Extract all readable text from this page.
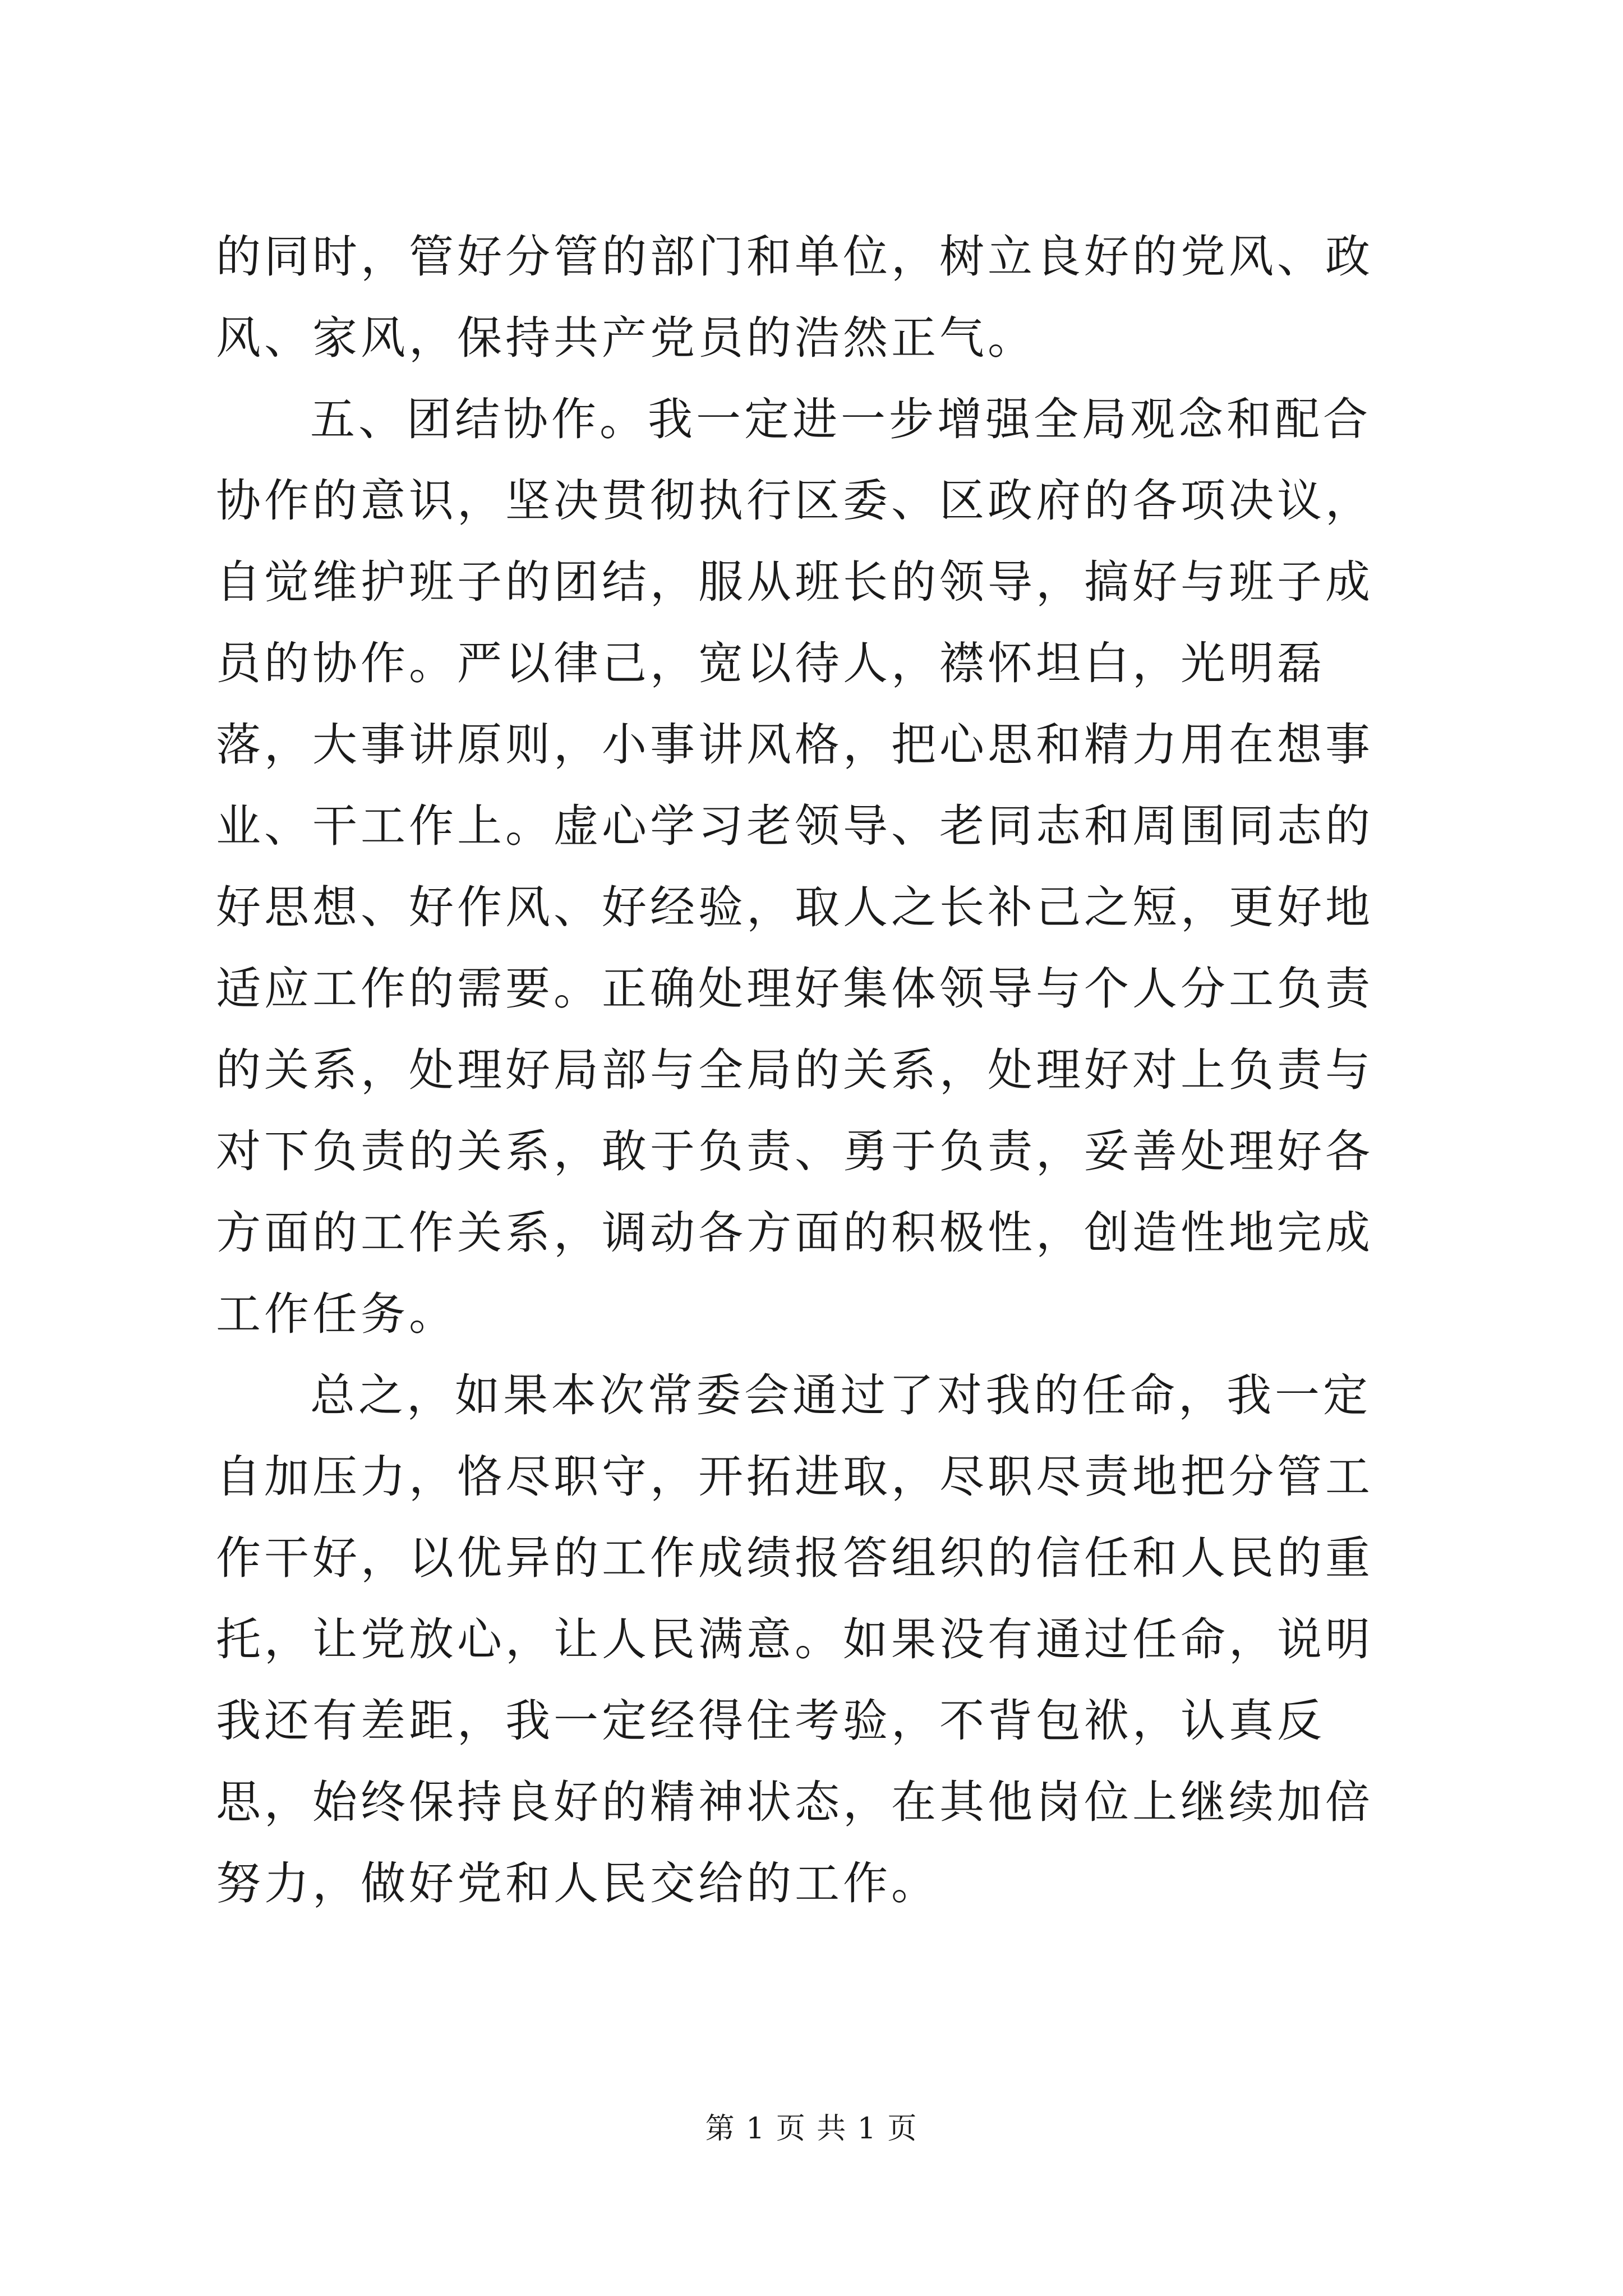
的同时，管好分管的部门和单位，树立良好的党风、政风、家风，保持共产党员的浩然正气。

五、团结协作。我一定进一步增强全局观念和配合协作的意识，坚决贯彻执行区委、区政府的各项决议，自觉维护班子的团结，服从班长的领导，搞好与班子成员的协作。严以律己，宽以待人，襟怀坦白，光明磊落，大事讲原则，小事讲风格，把心思和精力用在想事业、干工作上。虚心学习老领导、老同志和周围同志的好思想、好作风、好经验，取人之长补己之短，更好地适应工作的需要。正确处理好集体领导与个人分工负责的关系，处理好局部与全局的关系，处理好对上负责与对下负责的关系，敢于负责、勇于负责，妥善处理好各方面的工作关系，调动各方面的积极性，创造性地完成工作任务。

总之，如果本次常委会通过了对我的任命，我一定自加压力，恪尽职守，开拓进取，尽职尽责地把分管工作干好，以优异的工作成绩报答组织的信任和人民的重托，让党放心，让人民满意。如果没有通过任命，说明我还有差距，我一定经得住考验，不背包袱，认真反思，始终保持良好的精神状态，在其他岗位上继续加倍努力，做好党和人民交给的工作。

第 1 页 共 1 页
